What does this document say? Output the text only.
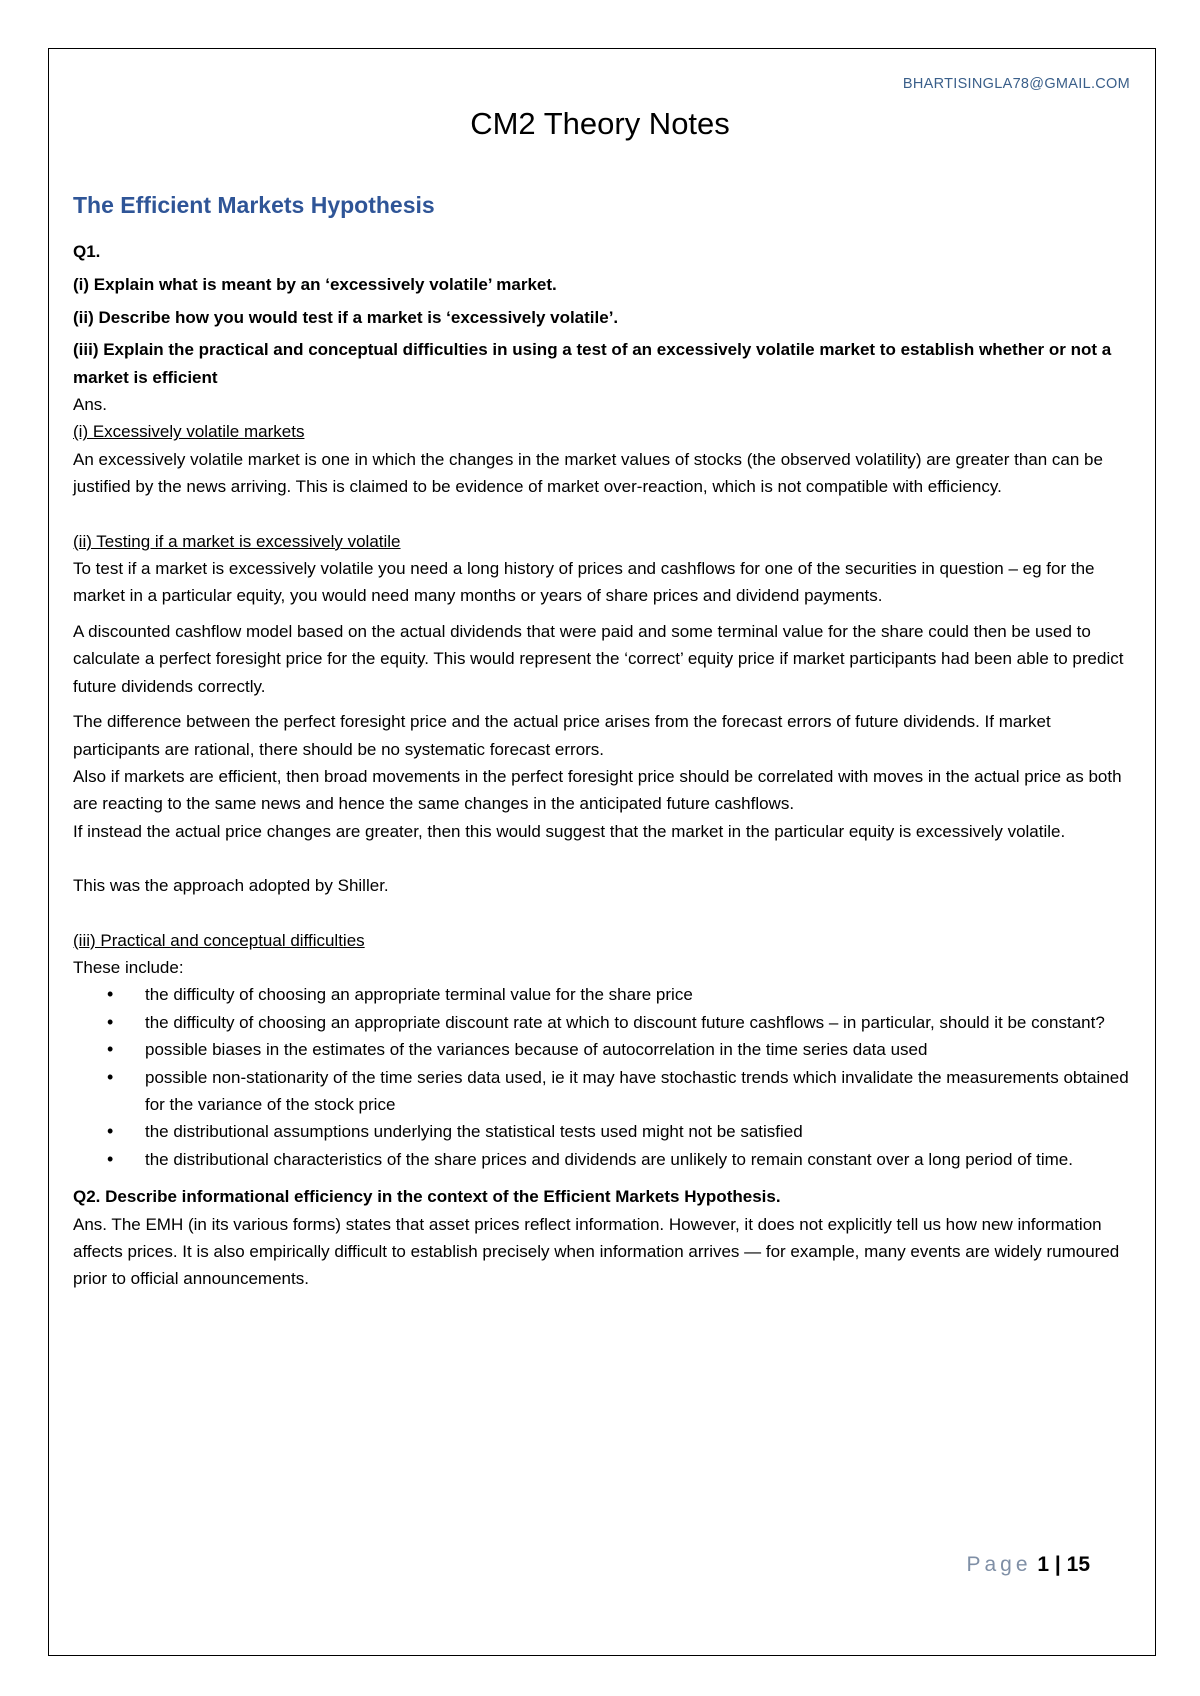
BHARTISINGLA78@GMAIL.COM
CM2 Theory Notes
The Efficient Markets Hypothesis

Q1.

(i) Explain what is meant by an ‘excessively volatile’ market.

(ii) Describe how you would test if a market is ‘excessively volatile’.

(iii) Explain the practical and conceptual difficulties in using a test of an excessively volatile market to establish whether or not a market is efficient

Ans.

(i) Excessively volatile markets

An excessively volatile market is one in which the changes in the market values of stocks (the observed volatility) are greater than can be justified by the news arriving. This is claimed to be evidence of market over-reaction, which is not compatible with efficiency.

(ii) Testing if a market is excessively volatile

To test if a market is excessively volatile you need a long history of prices and cashflows for one of the securities in question – eg for the market in a particular equity, you would need many months or years of share prices and dividend payments.

A discounted cashflow model based on the actual dividends that were paid and some terminal value for the share could then be used to calculate a perfect foresight price for the equity. This would represent the ‘correct’ equity price if market participants had been able to predict future dividends correctly.

The difference between the perfect foresight price and the actual price arises from the forecast errors of future dividends. If market participants are rational, there should be no systematic forecast errors.

Also if markets are efficient, then broad movements in the perfect foresight price should be correlated with moves in the actual price as both are reacting to the same news and hence the same changes in the anticipated future cashflows.

If instead the actual price changes are greater, then this would suggest that the market in the particular equity is excessively volatile.

This was the approach adopted by Shiller.

(iii) Practical and conceptual difficulties

These include:

• the difficulty of choosing an appropriate terminal value for the share price
• the difficulty of choosing an appropriate discount rate at which to discount future cashflows – in particular, should it be constant?
• possible biases in the estimates of the variances because of autocorrelation in the time series data used
• possible non-stationarity of the time series data used, ie it may have stochastic trends which invalidate the measurements obtained for the variance of the stock price
• the distributional assumptions underlying the statistical tests used might not be satisfied
• the distributional characteristics of the share prices and dividends are unlikely to remain constant over a long period of time.

Q2. Describe informational efficiency in the context of the Efficient Markets Hypothesis.

Ans. The EMH (in its various forms) states that asset prices reflect information. However, it does not explicitly tell us how new information affects prices. It is also empirically difficult to establish precisely when information arrives — for example, many events are widely rumoured prior to official announcements.

Page 1 | 15
